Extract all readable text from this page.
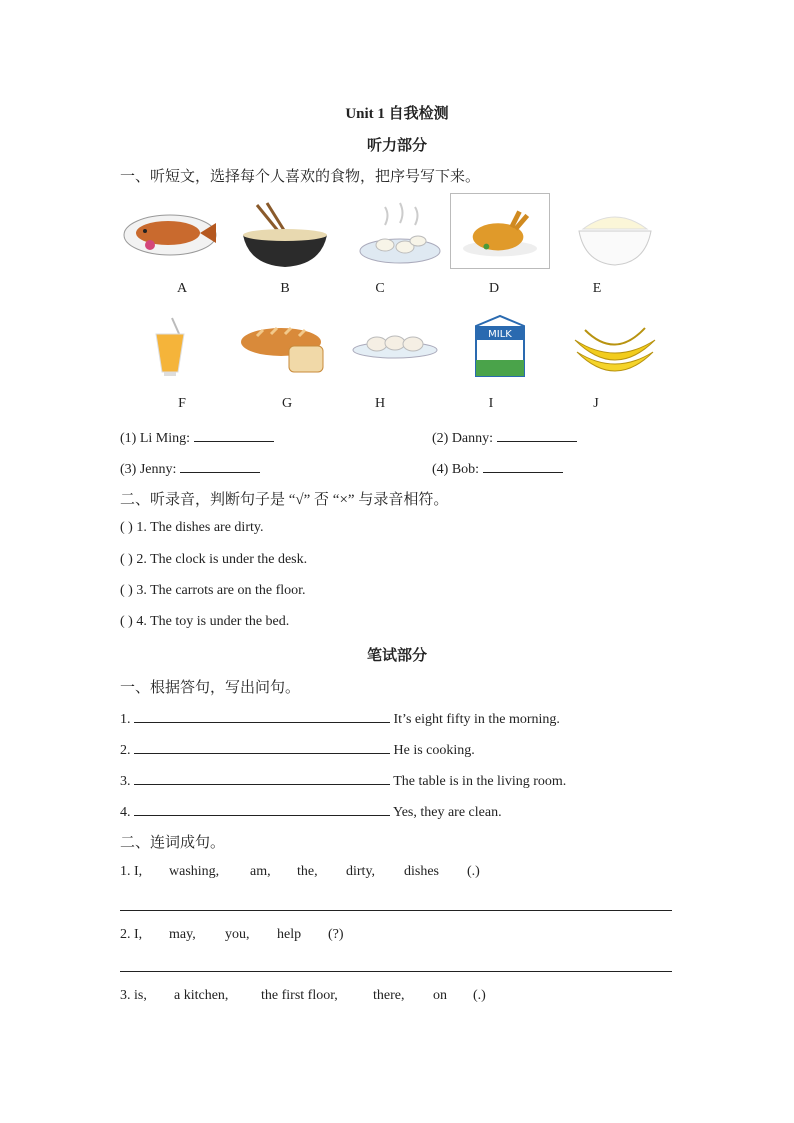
Unit 1 自我检测
听力部分
一、听短文，选择每个人喜欢的食物，把序号写下来。
A	B	C	D	E
MILK
F	G	H	I	J
(1) Li Ming:	(2) Danny:
(3) Jenny:	(4) Bob:
二、听录音，判断句子是 “√” 否 “×” 与录音相符。
( ) 1. The dishes are dirty.
( ) 2. The clock is under the desk.
( ) 3. The carrots are on the floor.
( ) 4. The toy is under the bed.
笔试部分
一、根据答句，写出问句。
1.	It’s eight fifty in the morning.
2.	He is cooking.
3.	The table is in the living room.
4.	Yes, they are clean.
二、连词成句。
1. I, washing, am, the, dirty, dishes (.)
2. I, may, you, help (?)
3. is, a kitchen, the first floor,	there, on (.)
